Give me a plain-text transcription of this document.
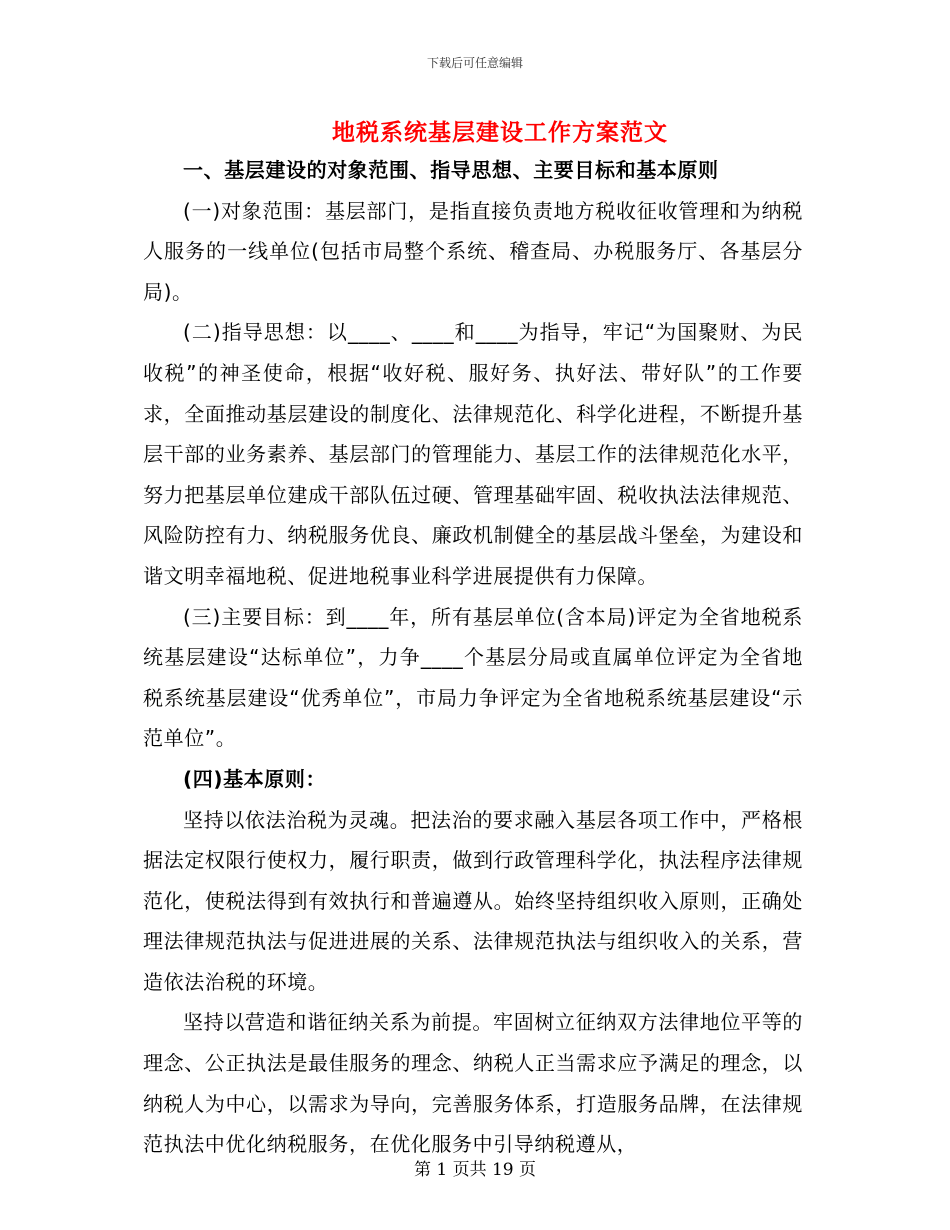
下载后可任意编辑
地税系统基层建设工作方案范文

一、基层建设的对象范围、指导思想、主要目标和基本原则

(一)对象范围：基层部门，是指直接负责地方税收征收管理和为纳税人服务的一线单位(包括市局整个系统、稽查局、办税服务厅、各基层分局)。

(二)指导思想：以____、____和____为指导，牢记“为国聚财、为民收税”的神圣使命，根据“收好税、服好务、执好法、带好队”的工作要求，全面推动基层建设的制度化、法律规范化、科学化进程，不断提升基层干部的业务素养、基层部门的管理能力、基层工作的法律规范化水平，努力把基层单位建成干部队伍过硬、管理基础牢固、税收执法法律规范、风险防控有力、纳税服务优良、廉政机制健全的基层战斗堡垒，为建设和谐文明幸福地税、促进地税事业科学进展提供有力保障。

(三)主要目标：到____年，所有基层单位(含本局)评定为全省地税系统基层建设“达标单位”，力争____个基层分局或直属单位评定为全省地税系统基层建设“优秀单位”，市局力争评定为全省地税系统基层建设“示范单位”。

(四)基本原则：

坚持以依法治税为灵魂。把法治的要求融入基层各项工作中，严格根据法定权限行使权力，履行职责，做到行政管理科学化，执法程序法律规范化，使税法得到有效执行和普遍遵从。始终坚持组织收入原则，正确处理法律规范执法与促进进展的关系、法律规范执法与组织收入的关系，营造依法治税的环境。

坚持以营造和谐征纳关系为前提。牢固树立征纳双方法律地位平等的理念、公正执法是最佳服务的理念、纳税人正当需求应予满足的理念，以纳税人为中心，以需求为导向，完善服务体系，打造服务品牌，在法律规范执法中优化纳税服务，在优化服务中引导纳税遵从，

第 1 页共 19 页
